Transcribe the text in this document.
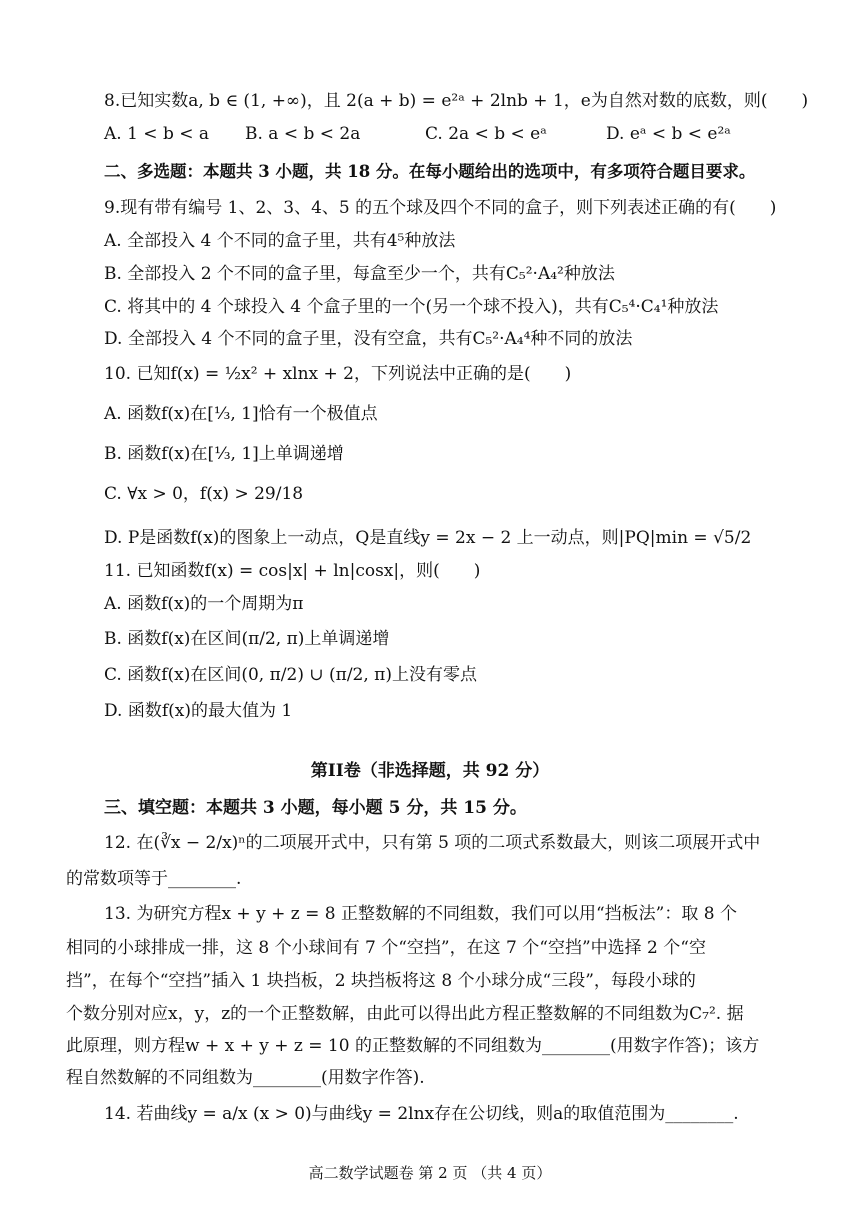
8.已知实数a, b ∈ (1, +∞)，且 2(a + b) = e²ᵃ + 2lnb + 1，e为自然对数的底数，则(　　)
A. 1 < b < a B. a < b < 2a	C. 2a < b < eᵃ	D. eᵃ < b < e²ᵃ
二、多选题：本题共 3 小题，共 18 分。在每小题给出的选项中，有多项符合题目要求。
9.现有带有编号 1、2、3、4、5 的五个球及四个不同的盒子，则下列表述正确的有(　　)
A. 全部投入 4 个不同的盒子里，共有4⁵种放法
B. 全部投入 2 个不同的盒子里，每盒至少一个，共有C₅²·A₄²种放法
C. 将其中的 4 个球投入 4 个盒子里的一个(另一个球不投入)，共有C₅⁴·C₄¹种放法
D. 全部投入 4 个不同的盒子里，没有空盒，共有C₅²·A₄⁴种不同的放法
10. 已知f(x) = ½x² + xlnx + 2，下列说法中正确的是(　　)
A. 函数f(x)在[⅓, 1]恰有一个极值点
B. 函数f(x)在[⅓, 1]上单调递增
C. ∀x > 0，f(x) > 29/18
D. P是函数f(x)的图象上一动点，Q是直线y = 2x − 2 上一动点，则|PQ|min = √5/2
11. 已知函数f(x) = cos|x| + ln|cosx|，则(　　)
A. 函数f(x)的一个周期为π
B. 函数f(x)在区间(π/2, π)上单调递增
C. 函数f(x)在区间(0, π/2) ∪ (π/2, π)上没有零点
D. 函数f(x)的最大值为 1
第II卷（非选择题，共 92 分）
三、填空题：本题共 3 小题，每小题 5 分，共 15 分。
12. 在(∛x − 2/x)ⁿ的二项展开式中，只有第 5 项的二项式系数最大，则该二项展开式中
的常数项等于________.
13. 为研究方程x + y + z = 8 正整数解的不同组数，我们可以用“挡板法”：取 8 个
相同的小球排成一排，这 8 个小球间有 7 个“空挡”，在这 7 个“空挡”中选择 2 个“空
挡”，在每个“空挡”插入 1 块挡板，2 块挡板将这 8 个小球分成“三段”，每段小球的
个数分别对应x，y，z的一个正整数解，由此可以得出此方程正整数解的不同组数为C₇². 据
此原理，则方程w + x + y + z = 10 的正整数解的不同组数为________(用数字作答)；该方
程自然数解的不同组数为________(用数字作答).
14. 若曲线y = a/x (x > 0)与曲线y = 2lnx存在公切线，则a的取值范围为________.
高二数学试题卷 第 2 页 （共 4 页）
